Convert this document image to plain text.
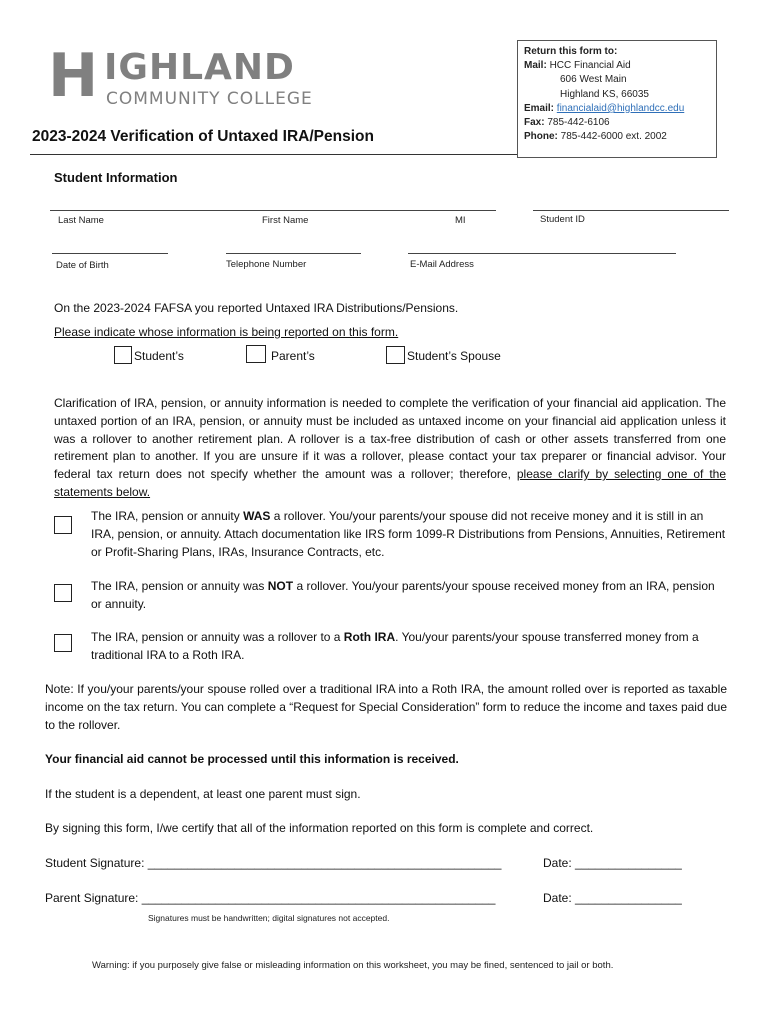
H IGHLAND
COMMUNITY COLLEGE
Return this form to:
Mail: HCC Financial Aid
606 West Main
Highland KS, 66035
Email: financialaid@highlandcc.edu
Fax: 785-442-6106
Phone: 785-442-6000 ext. 2002
2023-2024 Verification of Untaxed IRA/Pension
Student Information
Last Name	First Name	MI	Student ID
Date of Birth	Telephone Number	E-Mail Address
On the 2023-2024 FAFSA you reported Untaxed IRA Distributions/Pensions.
Please indicate whose information is being reported on this form.
Student’s	Parent’s	Student’s Spouse
Clarification of IRA, pension, or annuity information is needed to complete the verification of your financial aid application. The untaxed portion of an IRA, pension, or annuity must be included as untaxed income on your financial aid application unless it was a rollover to another retirement plan. A rollover is a tax-free distribution of cash or other assets transferred from one retirement plan to another. If you are unsure if it was a rollover, please contact your tax preparer or financial advisor. Your federal tax return does not specify whether the amount was a rollover; therefore, please clarify by selecting one of the statements below.
The IRA, pension or annuity WAS a rollover. You/your parents/your spouse did not receive money and it is still in an IRA, pension, or annuity. Attach documentation like IRS form 1099-R Distributions from Pensions, Annuities, Retirement or Profit-Sharing Plans, IRAs, Insurance Contracts, etc.
The IRA, pension or annuity was NOT a rollover. You/your parents/your spouse received money from an IRA, pension or annuity.
The IRA, pension or annuity was a rollover to a Roth IRA. You/your parents/your spouse transferred money from a traditional IRA to a Roth IRA.
Note: If you/your parents/your spouse rolled over a traditional IRA into a Roth IRA, the amount rolled over is reported as taxable income on the tax return. You can complete a “Request for Special Consideration” form to reduce the income and taxes paid due to the rollover.
Your financial aid cannot be processed until this information is received.
If the student is a dependent, at least one parent must sign.
By signing this form, I/we certify that all of the information reported on this form is complete and correct.
Student Signature: _____________________________________________________	Date: ________________
Parent Signature: _____________________________________________________	Date: ________________
Signatures must be handwritten; digital signatures not accepted.
Warning: if you purposely give false or misleading information on this worksheet, you may be fined, sentenced to jail or both.
